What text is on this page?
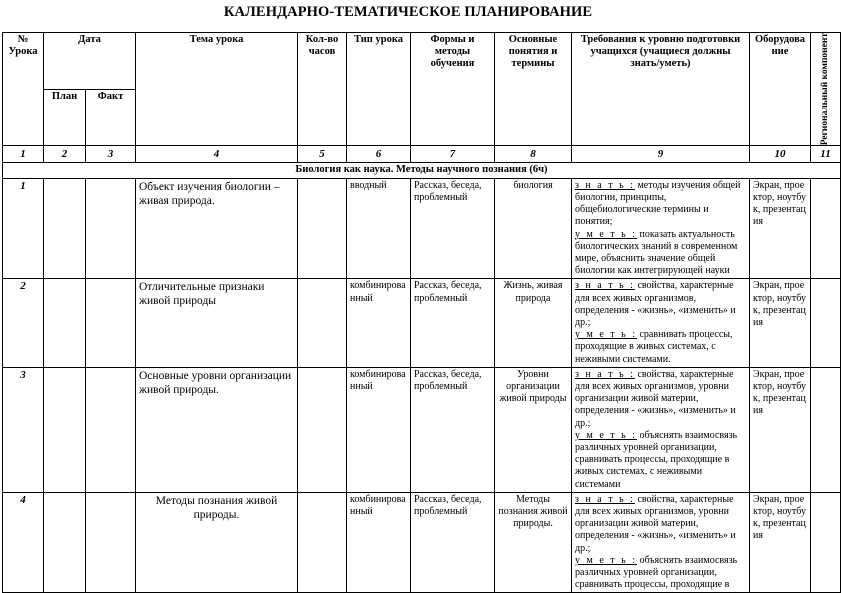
КАЛЕНДАРНО-ТЕМАТИЧЕСКОЕ ПЛАНИРОВАНИЕ
№ Урока	Дата		Тема урока	Кол-во часов	Тип урока	Формы и методы обучения	Основные понятия и термины	Требования к уровню подготовки учащихся (учащиеся должны знать/уметь)	Оборудование	Региональный компонент

	План	Факт								
1	2	3	4	5	6	7	8	9	10	11
Биология как наука. Методы научного познания (6ч)										
1			Объект изучения биологии – живая природа.		вводный	Рассказ, беседа, проблемный	биология	з н а т ь : методы изучения общей биологии, принципы, общебиологические термины и понятия;
у м е т ь : показать актуальность биологических знаний в современном мире, объяснить значение общей биологии как интегрирующей науки	Экран, проектор, ноутбук, презентация	
2			Отличительные признаки живой природы		комбинированный	Рассказ, беседа, проблемный	Жизнь, живая природа	з н а т ь : свойства, характерные для всех живых организмов, определения - «жизнь», «изменить» и др.;
у м е т ь : сравнивать процессы, проходящие в живых системах, с неживыми системами.	Экран, проектор, ноутбук, презентация	
3			Основные уровни организации живой природы.		комбинированный	Рассказ, беседа, проблемный	Уровни организации живой природы	з н а т ь : свойства, характерные для всех живых организмов, уровни организации живой материи, определения - «жизнь», «изменить» и др.;
у м е т ь : объяснять взаимосвязь различных уровней организации, сравнивать процессы, проходящие в живых системах, с неживыми системами	Экран, проектор, ноутбук, презентация	
4			Методы познания живой природы.		комбинированный	Рассказ, беседа, проблемный	Методы познания живой природы.	з н а т ь : свойства, характерные для всех живых организмов, уровни организации живой материи, определения - «жизнь», «изменить» и др.;
у м е т ь : объяснять взаимосвязь различных уровней организации, сравнивать процессы, проходящие в	Экран, проектор, ноутбук, презентация	
